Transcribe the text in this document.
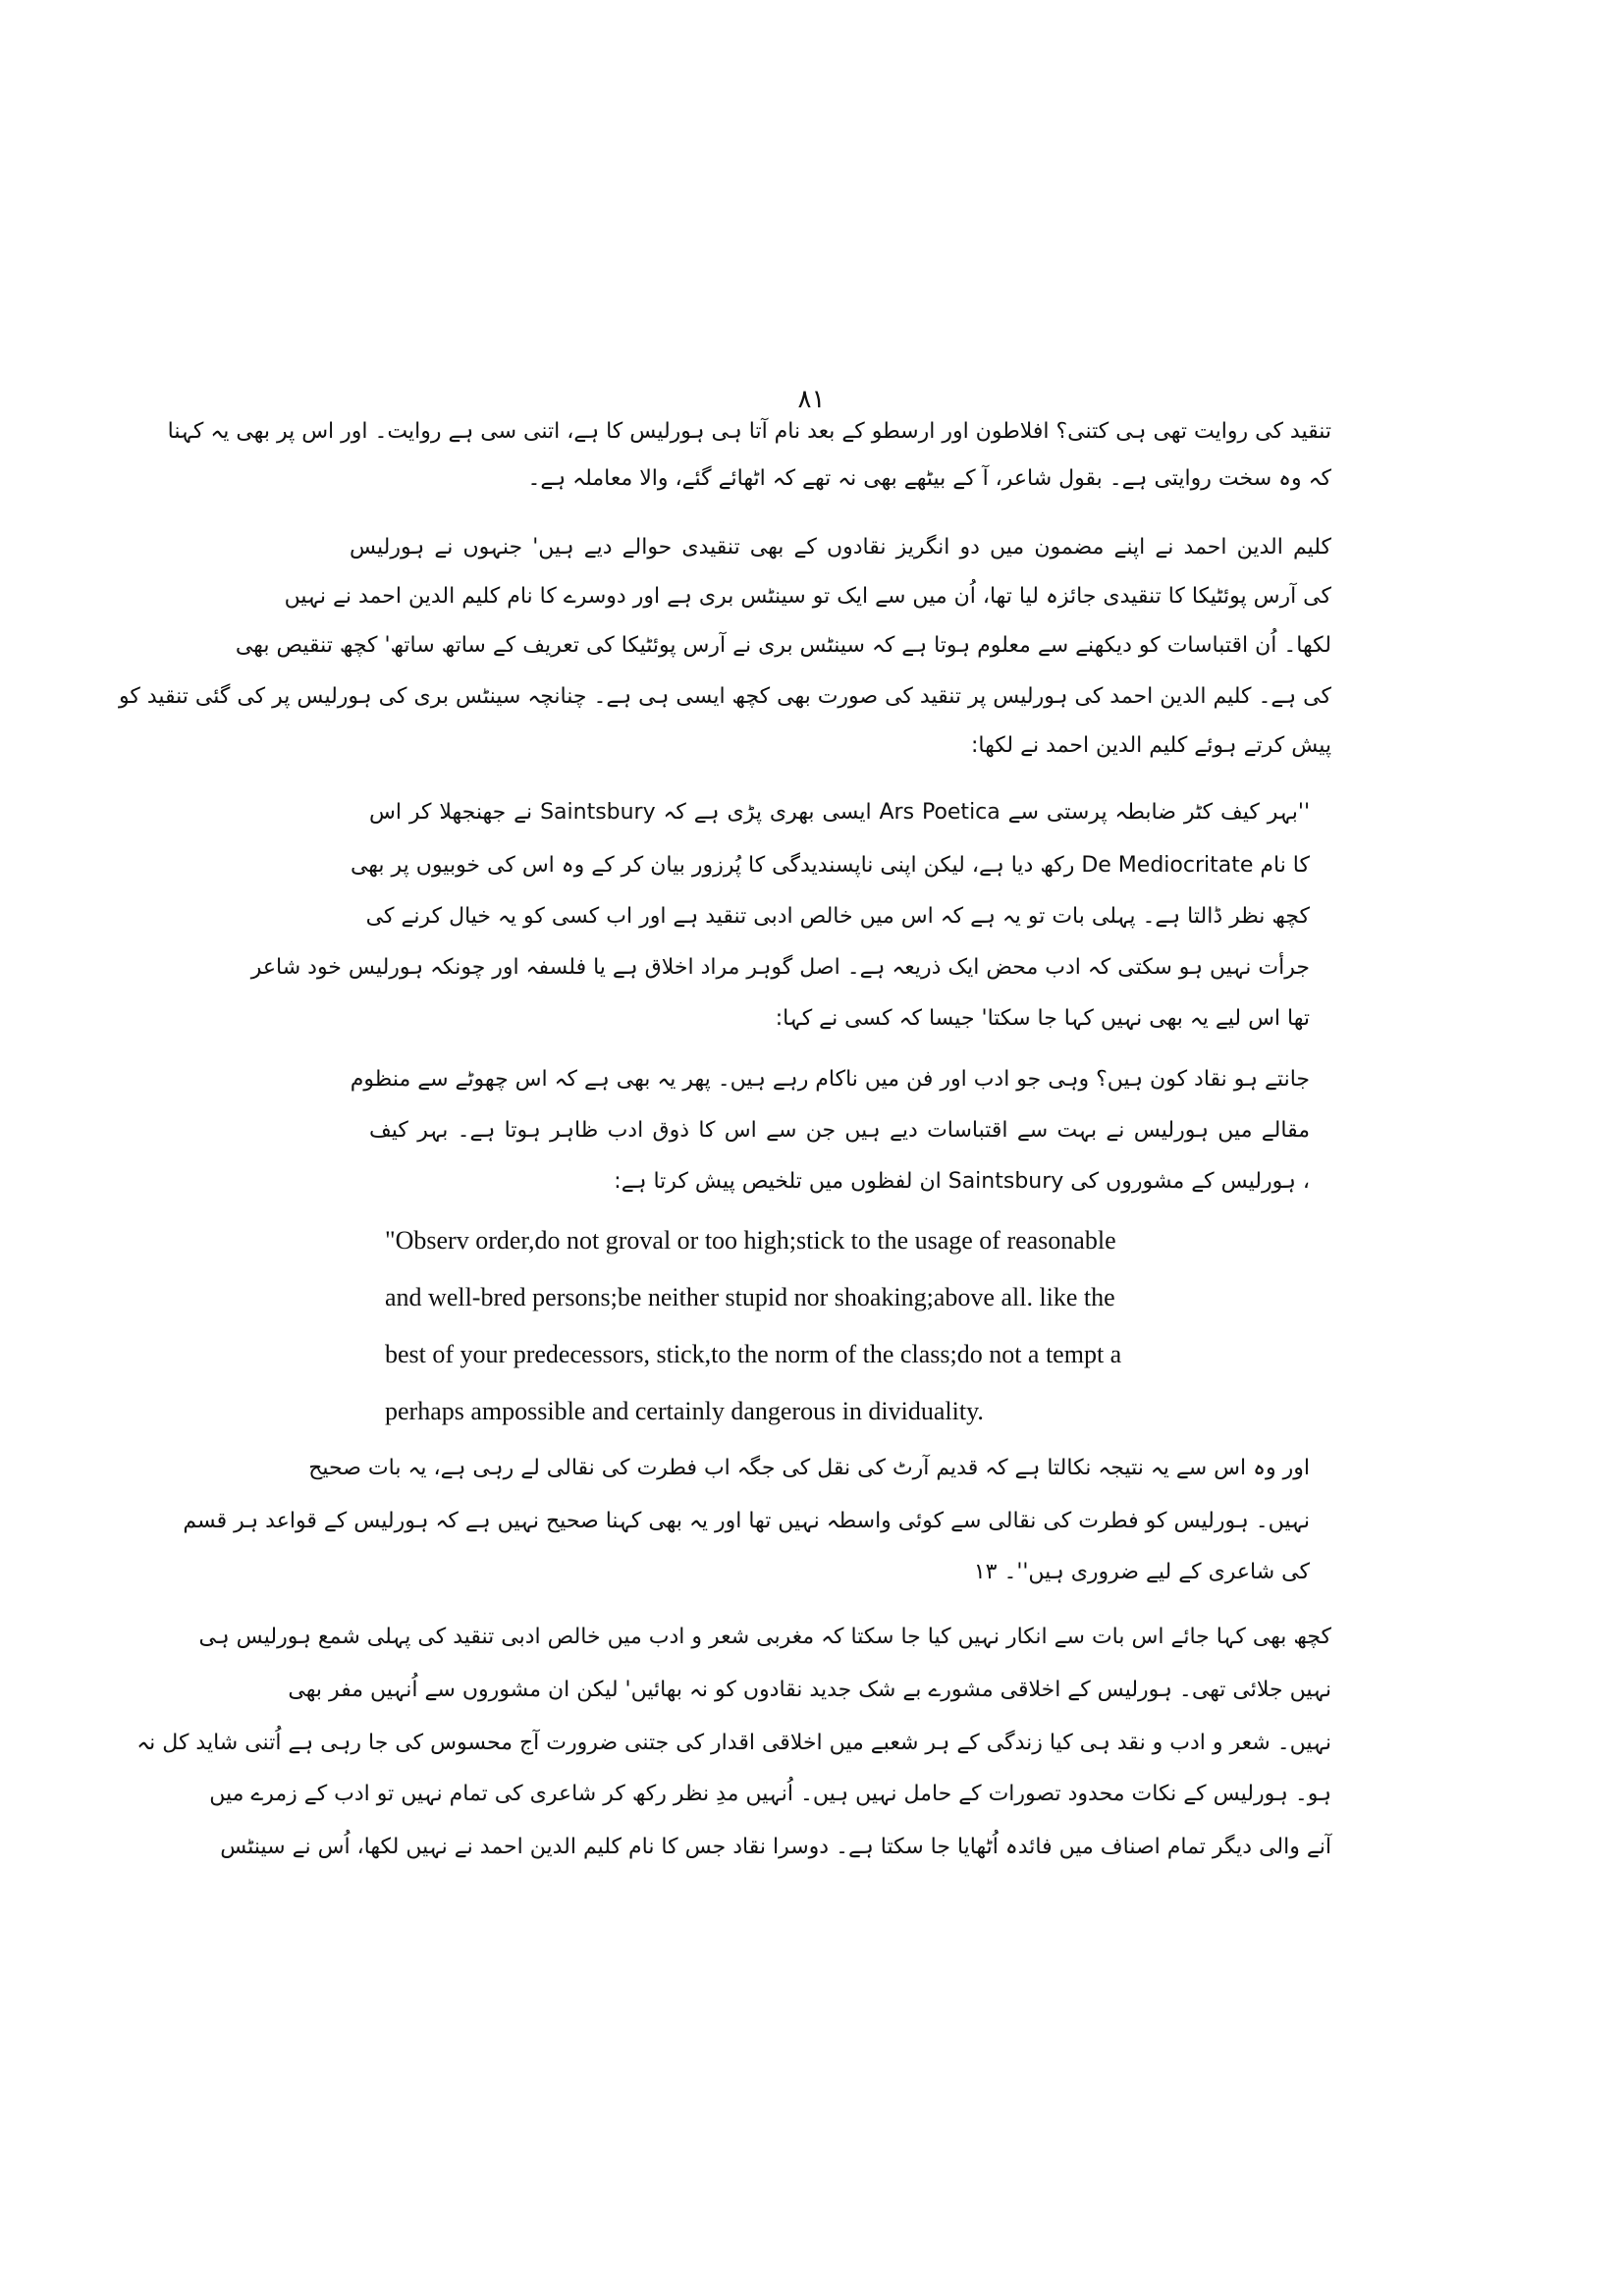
۸۱
تنقید کی روایت تھی ہی کتنی؟ افلاطون اور ارسطو کے بعد نام آتا ہی ہورلیس کا ہے، اتنی سی ہے روایت۔ اور اس پر بھی یہ کہنا
کہ وہ سخت روایتی ہے۔ بقول شاعر، آ کے بیٹھے بھی نہ تھے کہ اٹھائے گئے، والا معاملہ ہے۔
کلیم الدین احمد نے اپنے مضمون میں دو انگریز نقادوں کے بھی تنقیدی حوالے دیے ہیں' جنہوں نے ہورلیس
کی آرس پوئٹیکا کا تنقیدی جائزہ لیا تھا، اُن میں سے ایک تو سینٹس بری ہے اور دوسرے کا نام کلیم الدین احمد نے نہیں
لکھا۔ اُن اقتباسات کو دیکھنے سے معلوم ہوتا ہے کہ سینٹس بری نے آرس پوئٹیکا کی تعریف کے ساتھ ساتھ' کچھ تنقیص بھی
کی ہے۔ کلیم الدین احمد کی ہورلیس پر تنقید کی صورت بھی کچھ ایسی ہی ہے۔ چنانچہ سینٹس بری کی ہورلیس پر کی گئی تنقید کو
پیش کرتے ہوئے کلیم الدین احمد نے لکھا:
''بہر کیف کٹر ضابطہ پرستی سے Ars Poetica ایسی بھری پڑی ہے کہ Saintsbury نے جھنجھلا کر اس
کا نام De Mediocritate رکھ دیا ہے، لیکن اپنی ناپسندیدگی کا پُرزور بیان کر کے وہ اس کی خوبیوں پر بھی
کچھ نظر ڈالتا ہے۔ پہلی بات تو یہ ہے کہ اس میں خالص ادبی تنقید ہے اور اب کسی کو یہ خیال کرنے کی
جرأت نہیں ہو سکتی کہ ادب محض ایک ذریعہ ہے۔ اصل گوہر مراد اخلاق ہے یا فلسفہ اور چونکہ ہورلیس خود شاعر
تھا اس لیے یہ بھی نہیں کہا جا سکتا' جیسا کہ کسی نے کہا:
جانتے ہو نقاد کون ہیں؟ وہی جو ادب اور فن میں ناکام رہے ہیں۔ پھر یہ بھی ہے کہ اس چھوٹے سے منظوم
مقالے میں ہورلیس نے بہت سے اقتباسات دیے ہیں جن سے اس کا ذوق ادب ظاہر ہوتا ہے۔ بہر کیف
، ہورلیس کے مشوروں کی Saintsbury ان لفظوں میں تلخیص پیش کرتا ہے:
"Observ order,do not groval or too high;stick to the usage of reasonable
and well-bred persons;be neither stupid nor shoaking;above all. like the
best of your predecessors, stick,to the norm of the class;do not a tempt a
perhaps ampossible and certainly dangerous in dividuality.
اور وہ اس سے یہ نتیجہ نکالتا ہے کہ قدیم آرٹ کی نقل کی جگہ اب فطرت کی نقالی لے رہی ہے، یہ بات صحیح
نہیں۔ ہورلیس کو فطرت کی نقالی سے کوئی واسطہ نہیں تھا اور یہ بھی کہنا صحیح نہیں ہے کہ ہورلیس کے قواعد ہر قسم
کی شاعری کے لیے ضروری ہیں''۔ ۱۳
کچھ بھی کہا جائے اس بات سے انکار نہیں کیا جا سکتا کہ مغربی شعر و ادب میں خالص ادبی تنقید کی پہلی شمع ہورلیس ہی
نہیں جلائی تھی۔ ہورلیس کے اخلاقی مشورے بے شک جدید نقادوں کو نہ بھائیں' لیکن ان مشوروں سے اُنہیں مفر بھی
نہیں۔ شعر و ادب و نقد ہی کیا زندگی کے ہر شعبے میں اخلاقی اقدار کی جتنی ضرورت آج محسوس کی جا رہی ہے اُتنی شاید کل نہ
ہو۔ ہورلیس کے نکات محدود تصورات کے حامل نہیں ہیں۔ اُنہیں مدِ نظر رکھ کر شاعری کی تمام نہیں تو ادب کے زمرے میں
آنے والی دیگر تمام اصناف میں فائدہ اُٹھایا جا سکتا ہے۔ دوسرا نقاد جس کا نام کلیم الدین احمد نے نہیں لکھا، اُس نے سینٹس
